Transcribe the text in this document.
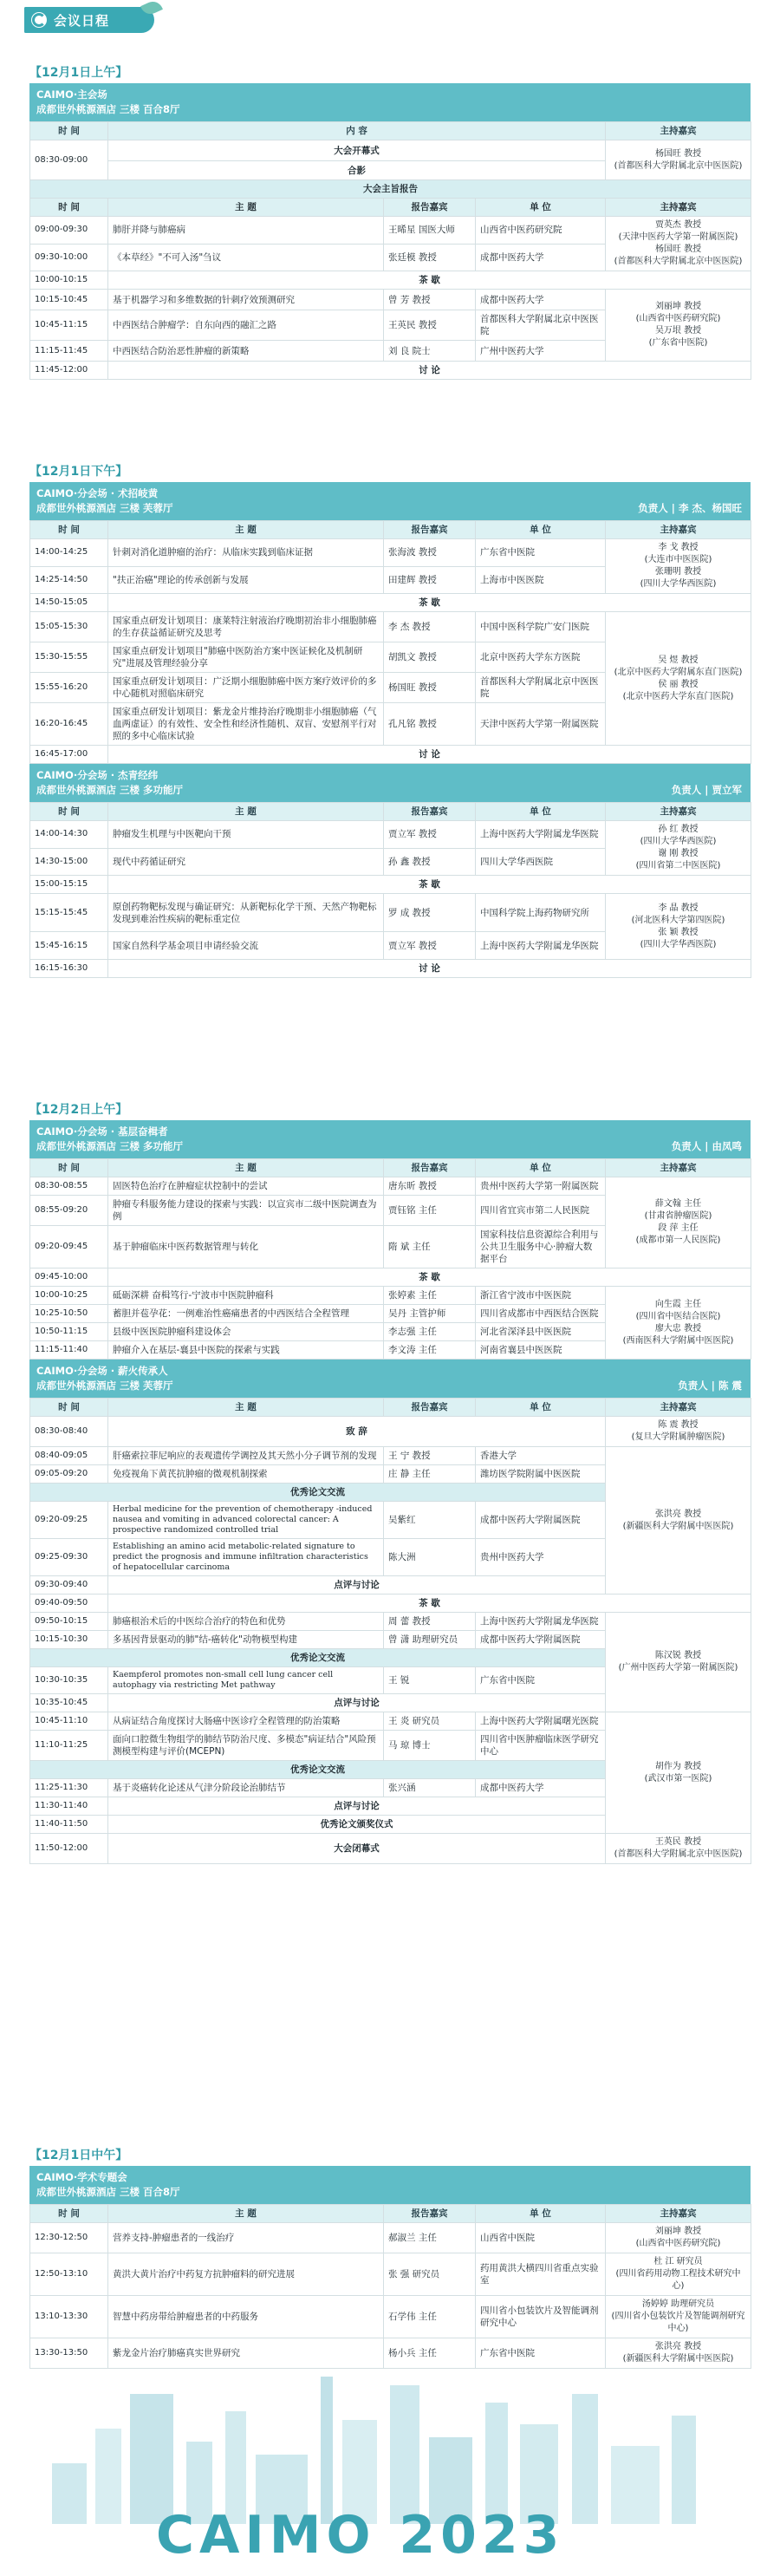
会议日程
【12月1日上午】
CAIMO·主会场
成都世外桃源酒店 三楼 百合8厅
时 间	内 容			主持嘉宾
08:30-09:00	大会开幕式			杨国旺 教授
(首都医科大学附属北京中医医院)
	合影			
大会主旨报告				
时 间	主 题	报告嘉宾	单 位	主持嘉宾
09:00-09:30	肺肝并降与肺癌病	王晞星 国医大师	山西省中医药研究院	贾英杰 教授
(天津中医药大学第一附属医院)
杨国旺 教授
(首都医科大学附属北京中医医院)
09:30-10:00	《本草经》"不可入汤"刍议	张廷模 教授	成都中医药大学	
10:00-10:15	茶 歇			
10:15-10:45	基于机器学习和多维数据的针刺疗效预测研究	曾 芳 教授	成都中医药大学	刘丽坤 教授
(山西省中医药研究院)
吴万垠 教授
(广东省中医院)
10:45-11:15	中西医结合肿瘤学：自东向西的融汇之路	王英民 教授	首都医科大学附属北京中医医院	
11:15-11:45	中西医结合防治恶性肿瘤的新策略	刘 良 院士	广州中医药大学	
11:45-12:00	讨 论			
【12月1日下午】
CAIMO·分会场 · 术招岐黄
成都世外桃源酒店 三楼 芙蓉厅	负责人 | 李 杰、杨国旺
时 间	主 题	报告嘉宾	单 位	主持嘉宾
14:00-14:25	针刺对消化道肿瘤的治疗：从临床实践到临床证据	张海波 教授	广东省中医院	李 戈 教授
(大连市中医医院)
张珊明 教授
(四川大学华西医院)
14:25-14:50	"扶正治癌"理论的传承创新与发展	田建辉 教授	上海市中医医院	
14:50-15:05	茶 歇			
15:05-15:30	国家重点研发计划项目：康莱特注射液治疗晚期初治非小细胞肺癌的生存获益循证研究及思考	李 杰 教授	中国中医科学院广安门医院	吴 煜 教授
(北京中医药大学附属东直门医院)
侯 丽 教授
(北京中医药大学东直门医院)
15:30-15:55	国家重点研发计划项目"肺癌中医防治方案中医证候化及机制研究"进展及管理经验分享	胡凯文 教授	北京中医药大学东方医院	
15:55-16:20	国家重点研发计划项目：广泛期小细胞肺癌中医方案疗效评价的多中心随机对照临床研究	杨国旺 教授	首都医科大学附属北京中医医院	
16:20-16:45	国家重点研发计划项目：紫龙金片维持治疗晚期非小细胞肺癌（气血两虚证）的有效性、安全性和经济性随机、双盲、安慰剂平行对照的多中心临床试验	孔凡铭 教授	天津中医药大学第一附属医院	
16:45-17:00	讨 论			
CAIMO·分会场 · 杰青经纬
成都世外桃源酒店 三楼 多功能厅	负责人 | 贾立军
时 间	主 题	报告嘉宾	单 位	主持嘉宾
14:00-14:30	肿瘤发生机理与中医靶向干预	贾立军 教授	上海中医药大学附属龙华医院	孙 红 教授
(四川大学华西医院)
谢 刚 教授
(四川省第二中医医院)
14:30-15:00	现代中药循证研究	孙 鑫 教授	四川大学华西医院	
15:00-15:15	茶 歇			
15:15-15:45	原创药物靶标发现与确证研究：从新靶标化学干预、天然产物靶标发现到难治性疾病的靶标重定位	罗 成 教授	中国科学院上海药物研究所	李 晶 教授
(河北医科大学第四医院)
张 颖 教授
(四川大学华西医院)
15:45-16:15	国家自然科学基金项目申请经验交流	贾立军 教授	上海中医药大学附属龙华医院	
16:15-16:30	讨 论			
【12月2日上午】
CAIMO·分会场 · 基层奋楫者
成都世外桃源酒店 三楼 多功能厅	负责人 | 由凤鸣
时 间	主 题	报告嘉宾	单 位	主持嘉宾
08:30-08:55	固医特色治疗在肿瘤症状控制中的尝试	唐东昕 教授	贵州中医药大学第一附属医院	薛文翰 主任
(甘肃省肿瘤医院)
段 萍 主任
(成都市第一人民医院)
08:55-09:20	肿瘤专科服务能力建设的探索与实践：以宣宾市二级中医院调查为例	贾钰铭 主任	四川省宜宾市第二人民医院	
09:20-09:45	基于肿瘤临床中医药数据管理与转化	隋 斌 主任	国家科技信息资源综合利用与公共卫生服务中心·肿瘤大数据平台	
09:45-10:00	茶 歇			
10:00-10:25	砥砺深耕 奋楫笃行-宁波市中医院肿瘤科	张婷素 主任	浙江省宁波市中医医院	向生霞 主任
(四川省中医结合医院)
廖大忠 教授
(西南医科大学附属中医医院)
10:25-10:50	蓄胆并苞孕花：一例难治性癌痛患者的中西医结合全程管理	吴丹 主管护师	四川省成都市中西医结合医院	
10:50-11:15	县级中医医院肿瘤科建设体会	李志强 主任	河北省深泽县中医医院	
11:15-11:40	肿瘤介入在基层-襄县中医院的探索与实践	李文涛 主任	河南省襄县中医医院	
CAIMO·分会场 · 薪火传承人
成都世外桃源酒店 三楼 芙蓉厅	负责人 | 陈 震
时 间	主 题	报告嘉宾	单 位	主持嘉宾
08:30-08:40	致 辞			陈 震 教授
(复旦大学附属肿瘤医院)
08:40-09:05	肝癌索拉菲尼响应的表观遗传学调控及其天然小分子调节剂的发现	王 宁 教授	香港大学	张洪亮 教授
(新疆医科大学附属中医医院)
09:05-09:20	免疫视角下黄芪抗肿瘤的微观机制探索	庄 静 主任	潍坊医学院附属中医医院	
优秀论文交流				
09:20-09:25	Herbal medicine for the prevention of chemotherapy -induced nausea and vomiting in advanced colorectal cancer: A prospective randomized controlled trial	吴紫红	成都中医药大学附属医院	
09:25-09:30	Establishing an amino acid metabolic-related signature to predict the prognosis and immune infiltration characteristics of hepatocellular carcinoma	陈大洲	贵州中医药大学	
09:30-09:40	点评与讨论			
09:40-09:50	茶 歇			
09:50-10:15	肺癌根治术后的中医综合治疗的特色和优势	周 蕾 教授	上海中医药大学附属龙华医院	陈汉锐 教授
(广州中医药大学第一附属医院)
10:15-10:30	多基因背景驱动的肺"结-癌转化"动物模型构建	曾 潇 助理研究员	成都中医药大学附属医院	
优秀论文交流				
10:30-10:35	Kaempferol promotes non-small cell lung cancer cell autophagy via restricting Met pathway	王 锐	广东省中医院	
10:35-10:45	点评与讨论			
10:45-11:10	从病证结合角度探讨大肠癌中医诊疗全程管理的防治策略	王 炎 研究员	上海中医药大学附属曙光医院	胡作为 教授
(武汉市第一医院)
11:10-11:25	面向口腔微生物组学的肺结节防治尺度、多模态"病证结合"风险预测模型构建与评价(MCEPN)	马 琼 博士	四川省中医肿瘤临床医学研究中心	
优秀论文交流				
11:25-11:30	基于炎癌转化论述从气津分阶段论治肺结节	张兴涵	成都中医药大学	
11:30-11:40	点评与讨论			
11:40-11:50	优秀论文颁奖仪式			
11:50-12:00	大会闭幕式			王英民 教授
(首都医科大学附属北京中医医院)
【12月1日中午】
CAIMO·学术专题会
成都世外桃源酒店 三楼 百合8厅
时 间	主 题	报告嘉宾	单 位	主持嘉宾
12:30-12:50	营养支持-肿瘤患者的一线治疗	郝淑兰 主任	山西省中医院	刘丽坤 教授
(山西省中医药研究院)
12:50-13:10	黄洪大黄片治疗中药复方抗肿瘤料的研究进展	张 强 研究员	药用黄洪大横四川省重点实验室	杜 江 研究员
(四川省药用动物工程技术研究中心)
13:10-13:30	智慧中药房带给肿瘤患者的中药服务	石学伟 主任	四川省小包装饮片及智能调剂研究中心	汤婷婷 助理研究员
(四川省小包装饮片及智能调剂研究中心)
13:30-13:50	紫龙金片治疗肺癌真实世界研究	杨小兵 主任	广东省中医院	张洪亮 教授
(新疆医科大学附属中医医院)
CAIMO 2023
